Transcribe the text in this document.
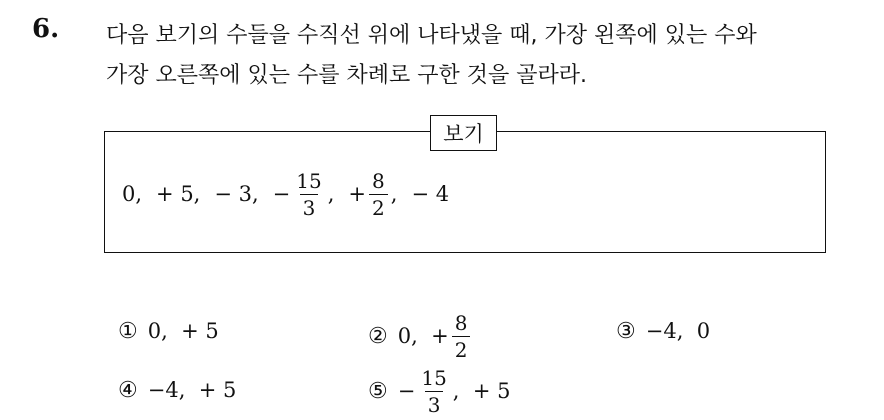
6. 다음 보기의 수들을 수직선 위에 나타냈을 때, 가장 왼쪽에 있는 수와
가장 오른쪽에 있는 수를 차례로 구한 것을 골라라.
보기
0, + 5, − 3, − $\frac{15}{3}$ , + $\frac{8}{2}$ , − 4
① 0,  + 5	② 0,  + $\frac{8}{2}$	③ −4,  0
④ −4,  + 5	⑤ − $\frac{15}{3}$ ,  + 5
